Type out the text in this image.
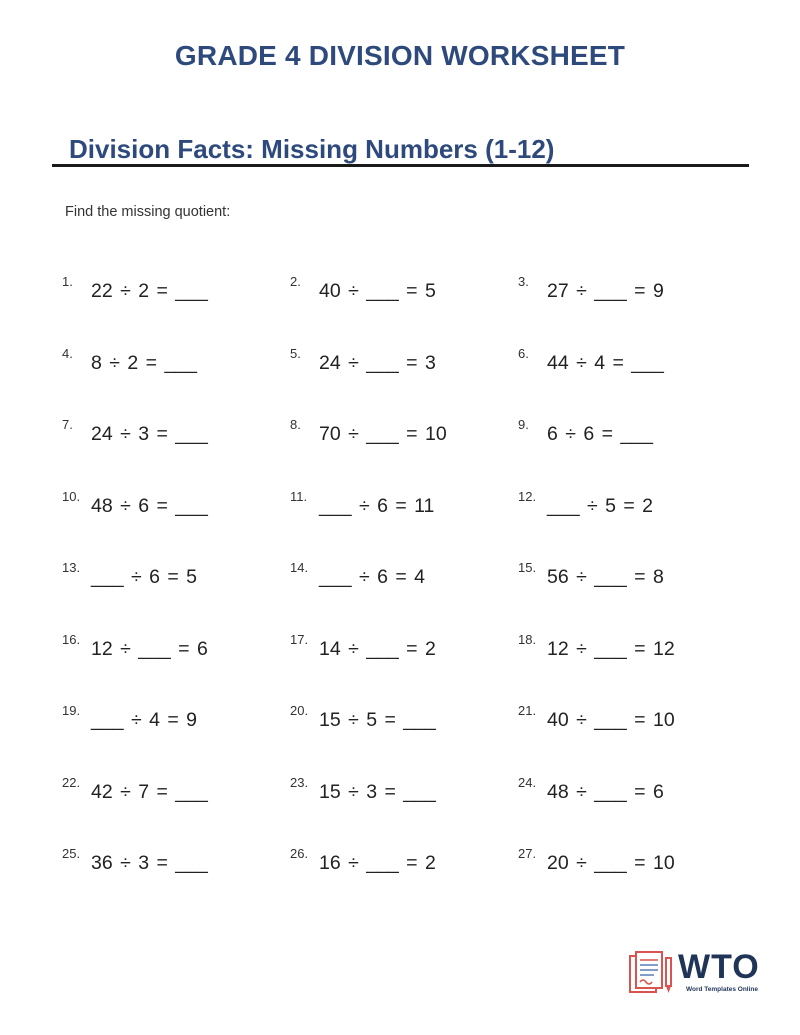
GRADE 4 DIVISION WORKSHEET
Division Facts: Missing Numbers (1-12)
Find the missing quotient:
1. 22 ÷ 2 = ___	2. 40 ÷ ___ = 5	3. 27 ÷ ___ = 9
4. 8 ÷ 2 = ___	5. 24 ÷ ___ = 3	6. 44 ÷ 4 = ___
7. 24 ÷ 3 = ___	8. 70 ÷ ___ = 10	9. 6 ÷ 6 = ___
10. 48 ÷ 6 = ___	11. ___ ÷ 6 = 11	12. ___ ÷ 5 = 2
13. ___ ÷ 6 = 5	14. ___ ÷ 6 = 4	15. 56 ÷ ___ = 8
16. 12 ÷ ___ = 6	17. 14 ÷ ___ = 2	18. 12 ÷ ___ = 12
19. ___ ÷ 4 = 9	20. 15 ÷ 5 = ___	21. 40 ÷ ___ = 10
22. 42 ÷ 7 = ___	23. 15 ÷ 3 = ___	24. 48 ÷ ___ = 6
25. 36 ÷ 3 = ___	26. 16 ÷ ___ = 2	27. 20 ÷ ___ = 10
WTO
Word Templates Online
